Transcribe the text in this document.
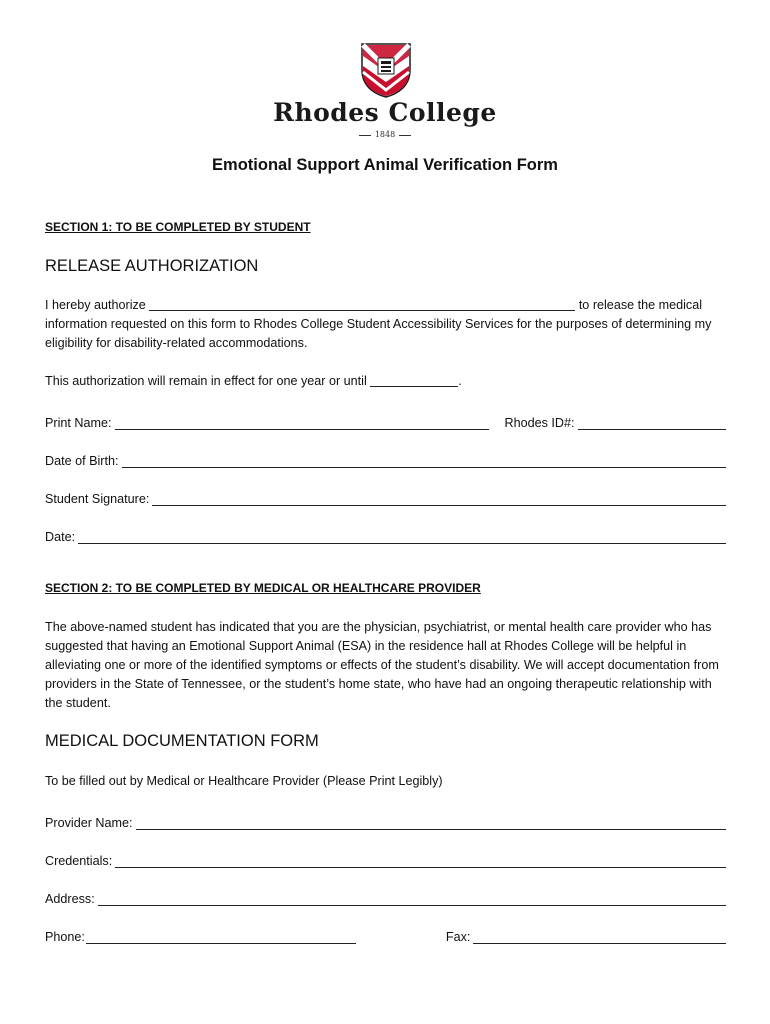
Rhodes College
1848
Emotional Support Animal Verification Form
SECTION 1: TO BE COMPLETED BY STUDENT
RELEASE AUTHORIZATION
I hereby authorize	to release the medical information requested on this form to Rhodes College Student Accessibility Services for the purposes of determining my eligibility for disability-related accommodations.
This authorization will remain in effect for one year or until	.
Print Name:	Rhodes ID#:
Date of Birth:
Student Signature:
Date:
SECTION 2: TO BE COMPLETED BY MEDICAL OR HEALTHCARE PROVIDER
The above-named student has indicated that you are the physician, psychiatrist, or mental health care provider who has suggested that having an Emotional Support Animal (ESA) in the residence hall at Rhodes College will be helpful in alleviating one or more of the identified symptoms or effects of the student’s disability. We will accept documentation from providers in the State of Tennessee, or the student’s home state, who have had an ongoing therapeutic relationship with the student.
MEDICAL DOCUMENTATION FORM
To be filled out by Medical or Healthcare Provider (Please Print Legibly)
Provider Name:
Credentials:
Address:
Phone:	Fax:
